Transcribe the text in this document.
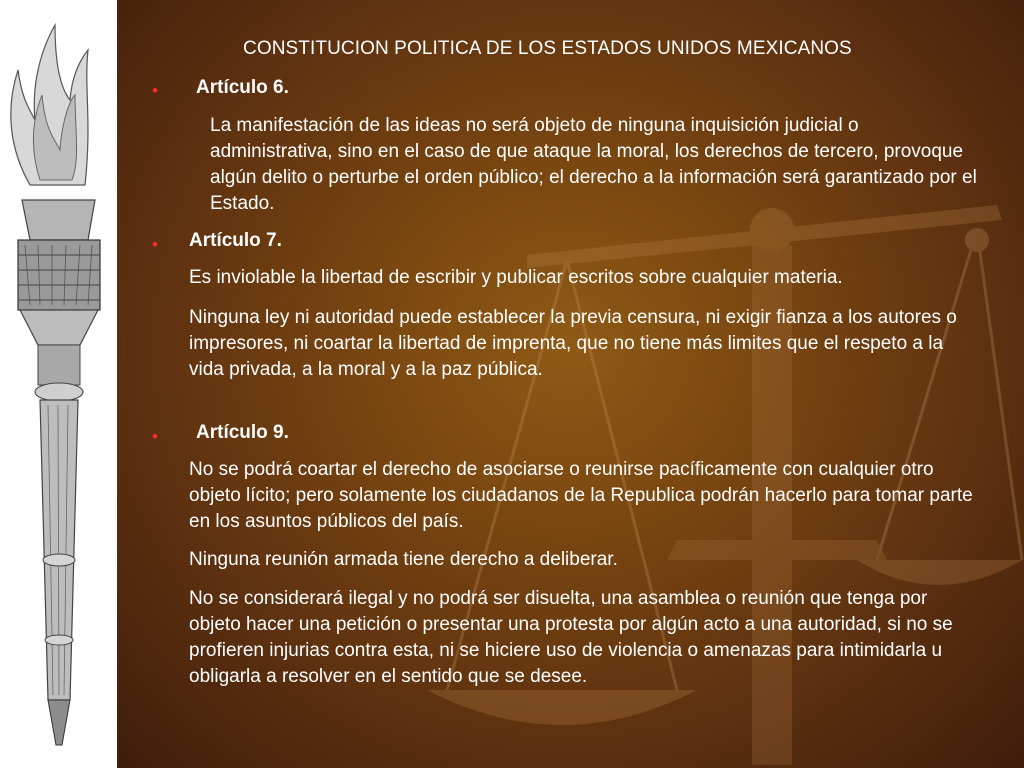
CONSTITUCION POLITICA DE LOS ESTADOS UNIDOS MEXICANOS
• Artículo 6.
La manifestación de las ideas no será objeto de ninguna inquisición judicial o administrativa, sino en el caso de que ataque la moral, los derechos de tercero, provoque algún delito o perturbe el orden público; el derecho a la información será garantizado por el Estado.
• Artículo 7.
Es inviolable la libertad de escribir y publicar escritos sobre cualquier materia.
Ninguna ley ni autoridad puede establecer la previa censura, ni exigir fianza a los autores o impresores, ni coartar la libertad de imprenta, que no tiene más limites que el respeto a la vida privada, a la moral y a la paz pública.
• Artículo 9.
No se podrá coartar el derecho de asociarse o reunirse pacíficamente con cualquier otro objeto lícito; pero solamente los ciudadanos de la Republica podrán hacerlo para tomar parte en los asuntos públicos del país.
Ninguna reunión armada tiene derecho a deliberar.
No se considerará ilegal y no podrá ser disuelta, una asamblea o reunión que tenga por objeto hacer una petición o presentar una protesta por algún acto a una autoridad, si no se profieren injurias contra esta, ni se hiciere uso de violencia o amenazas para intimidarla u obligarla a resolver en el sentido que se desee.
